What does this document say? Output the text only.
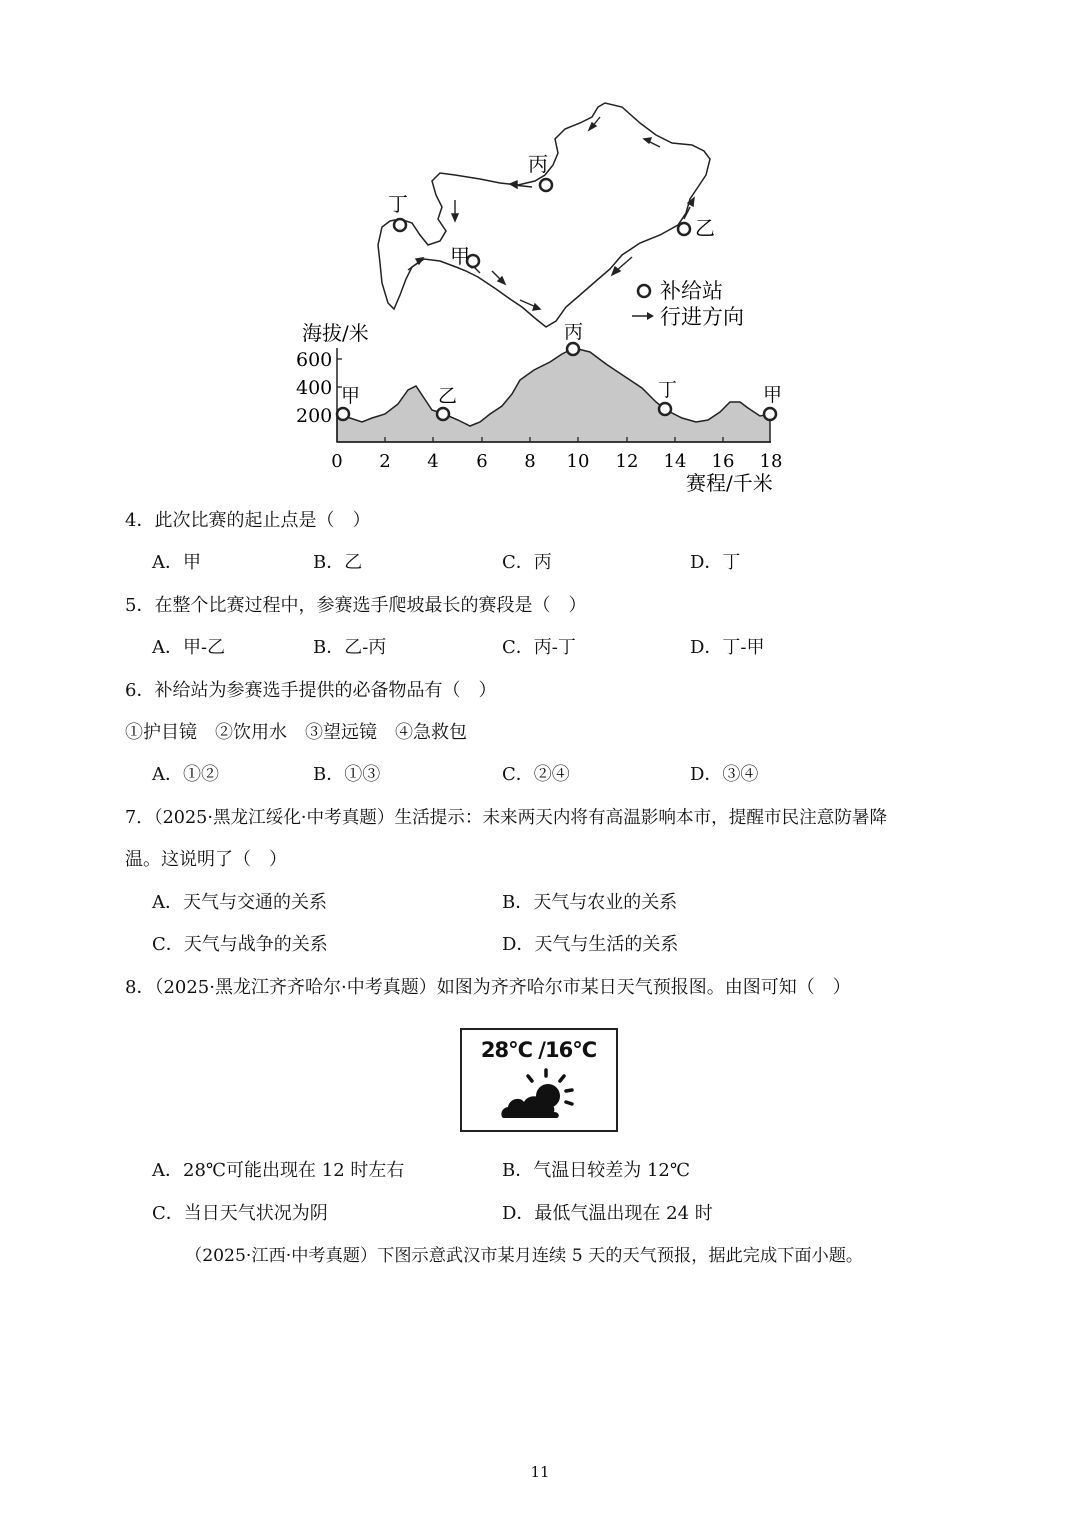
丙
丁
甲
乙
补给站
行进方向
海拔/米
600
400
200
甲	乙
丙
丁	甲
0 2 4 6 8 10 12 14 16 18
赛程/千米
4．此次比赛的起止点是（　）
A．甲	B．乙	C．丙	D．丁
5．在整个比赛过程中，参赛选手爬坡最长的赛段是（　）
A．甲-乙	B．乙-丙	C．丙-丁	D．丁-甲
6．补给站为参赛选手提供的必备物品有（　）
①护目镜　②饮用水　③望远镜　④急救包
A．①②	B．①③	C．②④	D．③④
7．（2025·黑龙江绥化·中考真题）生活提示：未来两天内将有高温影响本市，提醒市民注意防暑降
温。这说明了（　）
A．天气与交通的关系	B．天气与农业的关系
C．天气与战争的关系	D．天气与生活的关系
8．（2025·黑龙江齐齐哈尔·中考真题）如图为齐齐哈尔市某日天气预报图。由图可知（　）
28°C /16°C
A．28℃可能出现在 12 时左右	B．气温日较差为 12℃
C．当日天气状况为阴	D．最低气温出现在 24 时
（2025·江西·中考真题）下图示意武汉市某月连续 5 天的天气预报，据此完成下面小题。
11
